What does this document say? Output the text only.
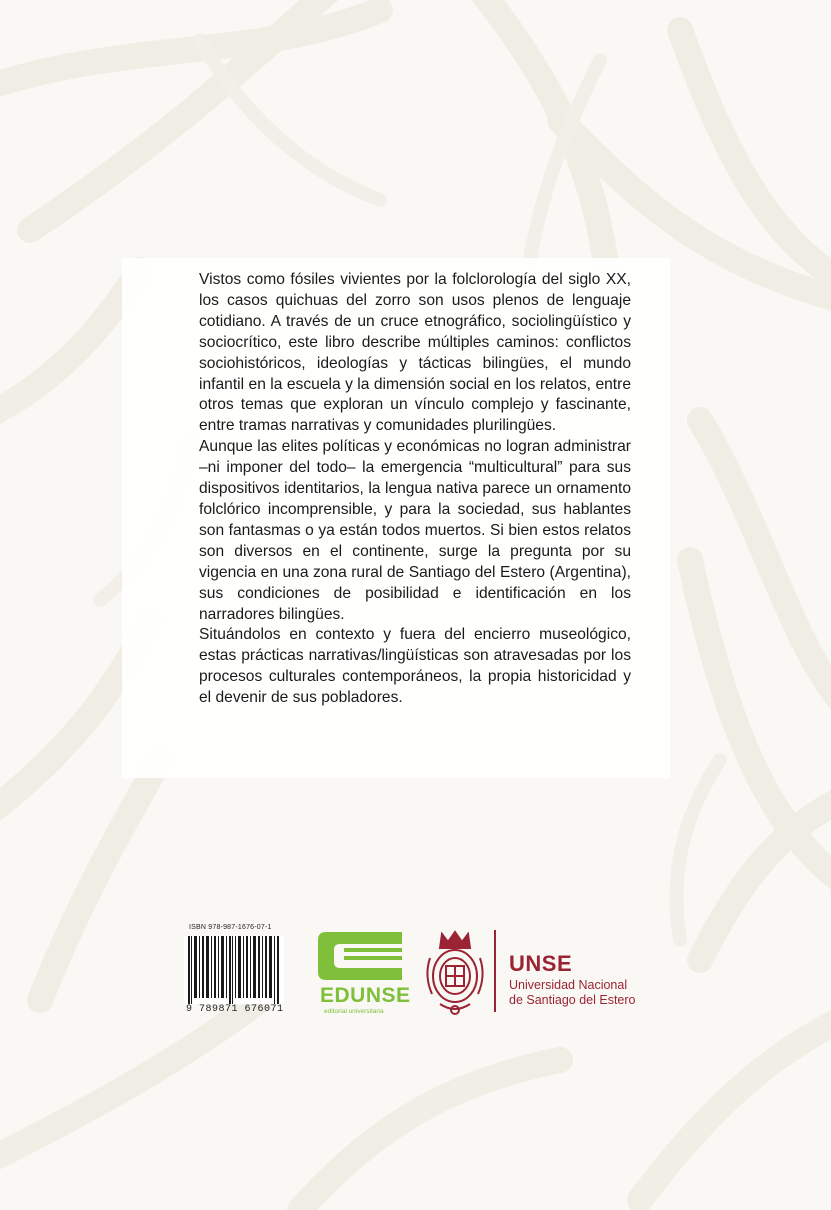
Vistos como fósiles vivientes por la folclorología del siglo XX, los casos quichuas del zorro son usos plenos de lenguaje cotidiano. A través de un cruce etnográfico, sociolingüístico y sociocrítico, este libro describe múltiples caminos: conflictos sociohistóricos, ideologías y tácticas bilingües, el mundo infantil en la escuela y la dimensión social en los relatos, entre otros temas que exploran un vínculo complejo y fascinante, entre tramas narrativas y comunidades plurilingües.

Aunque las elites políticas y económicas no logran administrar –ni imponer del todo– la emergencia “multicultural” para sus dispositivos identitarios, la lengua nativa parece un ornamento folclórico incomprensible, y para la sociedad, sus hablantes son fantasmas o ya están todos muertos. Si bien estos relatos son diversos en el continente, surge la pregunta por su vigencia en una zona rural de Santiago del Estero (Argentina), sus condiciones de posibilidad e identificación en los narradores bilingües.

Situándolos en contexto y fuera del encierro museológico, estas prácticas narrativas/lingüísticas son atravesadas por los procesos culturales contemporáneos, la propia historicidad y el devenir de sus pobladores.

ISBN 978-987-1676-07-1
9 789871 676071
EDUNSE
editorial universitaria
UNSE
Universidad Nacional
de Santiago del Estero
